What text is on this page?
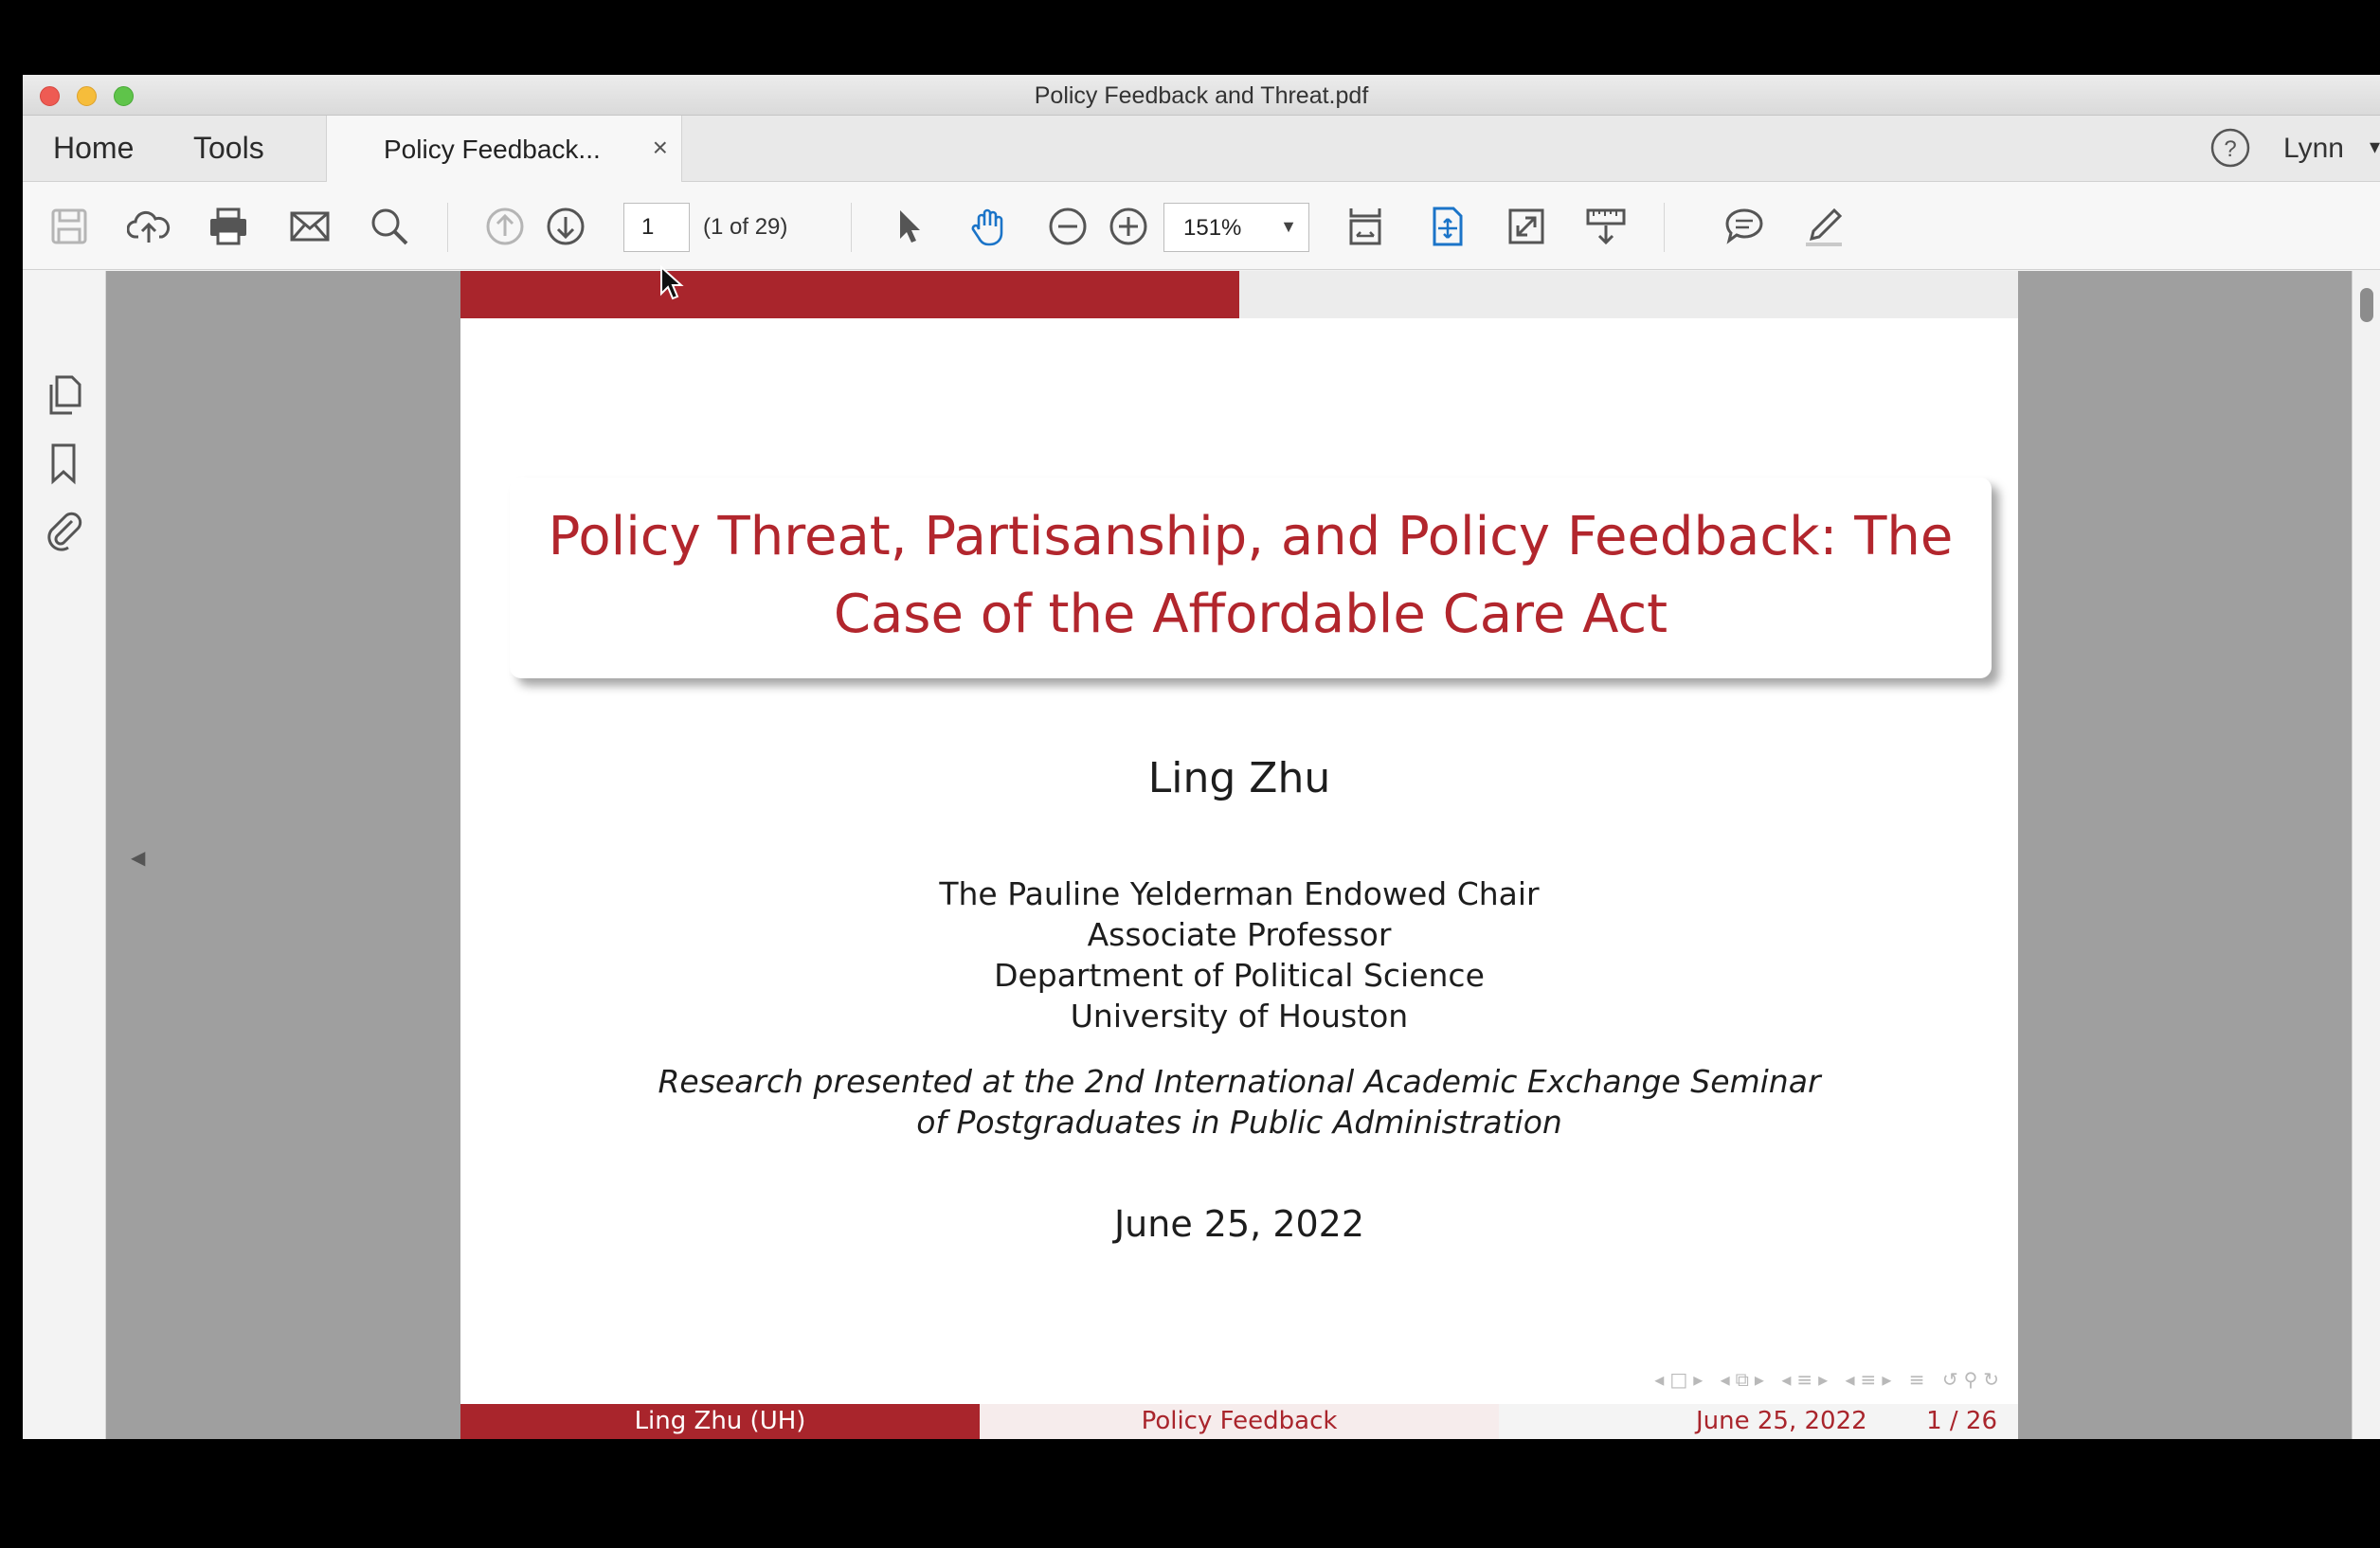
Policy Feedback and Threat.pdf
Home Tools	Policy Feedback... ×	? Lynn ▾
1
(1 of 29)	151% ▼
◀
Policy Threat, Partisanship, and Policy Feedback: The
Case of the Affordable Care Act
Ling Zhu
The Pauline Yelderman Endowed Chair
Associate Professor
Department of Political Science
University of Houston
Research presented at the 2nd International Academic Exchange Seminar
of Postgraduates in Public Administration
June 25, 2022
◂□▸ ◂⧉▸ ◂≡▸ ◂≡▸ ≡ ↺⚲↻
Ling Zhu (UH)	Policy Feedback	June 25, 2022 1 / 26
